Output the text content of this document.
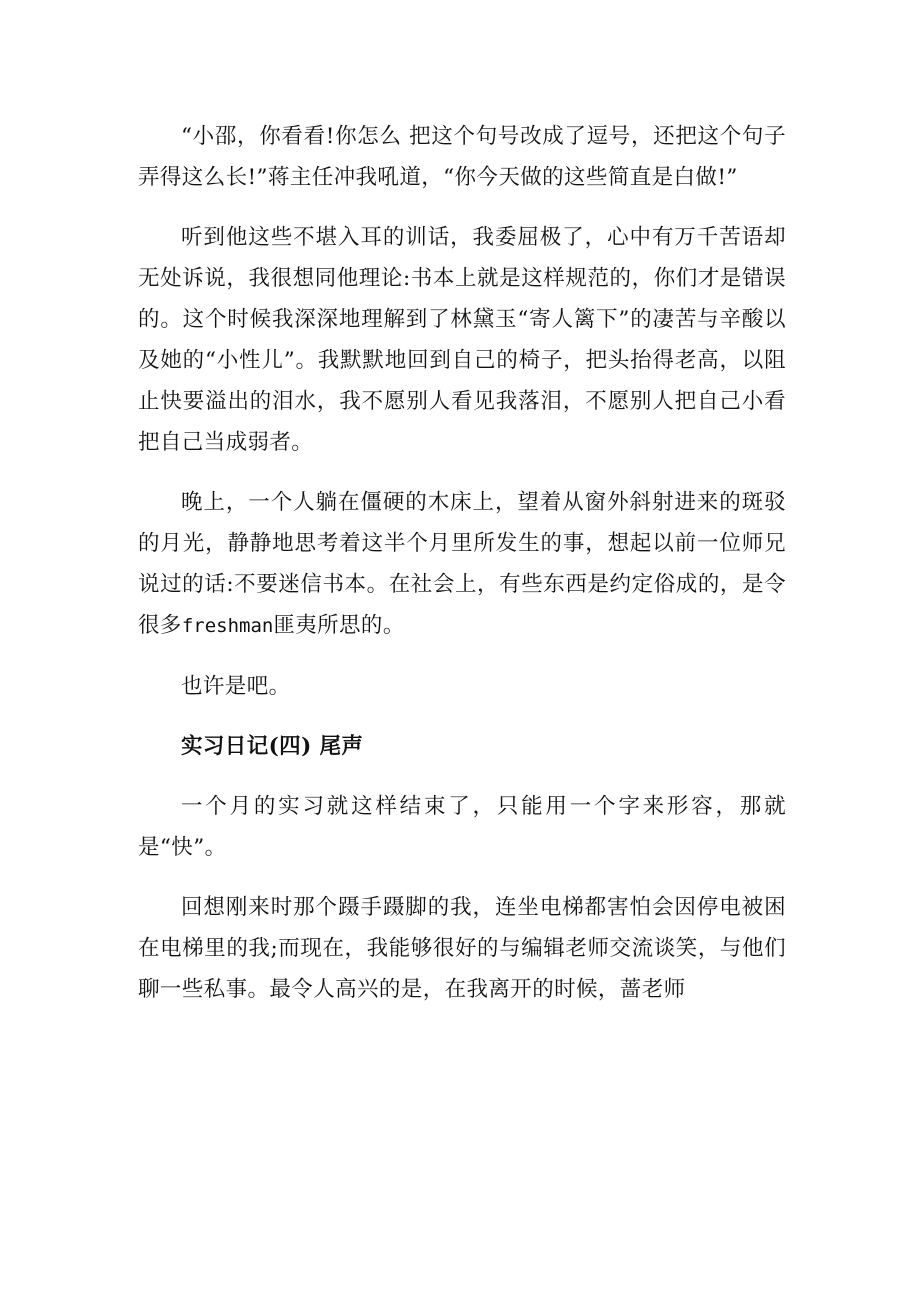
“小邵，你看看!你怎么 把这个句号改成了逗号，还把这个句子弄得这么长!”蒋主任冲我吼道，“你今天做的这些简直是白做!”

听到他这些不堪入耳的训话，我委屈极了，心中有万千苦语却无处诉说，我很想同他理论:书本上就是这样规范的，你们才是错误的。这个时候我深深地理解到了林黛玉“寄人篱下”的凄苦与辛酸以及她的“小性儿”。我默默地回到自己的椅子，把头抬得老高，以阻止快要溢出的泪水，我不愿别人看见我落泪，不愿别人把自己小看把自己当成弱者。

晚上，一个人躺在僵硬的木床上，望着从窗外斜射进来的斑驳的月光，静静地思考着这半个月里所发生的事，想起以前一位师兄说过的话:不要迷信书本。在社会上，有些东西是约定俗成的，是令很多freshman匪夷所思的。

也许是吧。

实习日记(四) 尾声

一个月的实习就这样结束了，只能用一个字来形容，那就是“快”。

回想刚来时那个蹑手蹑脚的我，连坐电梯都害怕会因停电被困在电梯里的我;而现在，我能够很好的与编辑老师交流谈笑，与他们聊一些私事。最令人高兴的是，在我离开的时候，蔷老师
